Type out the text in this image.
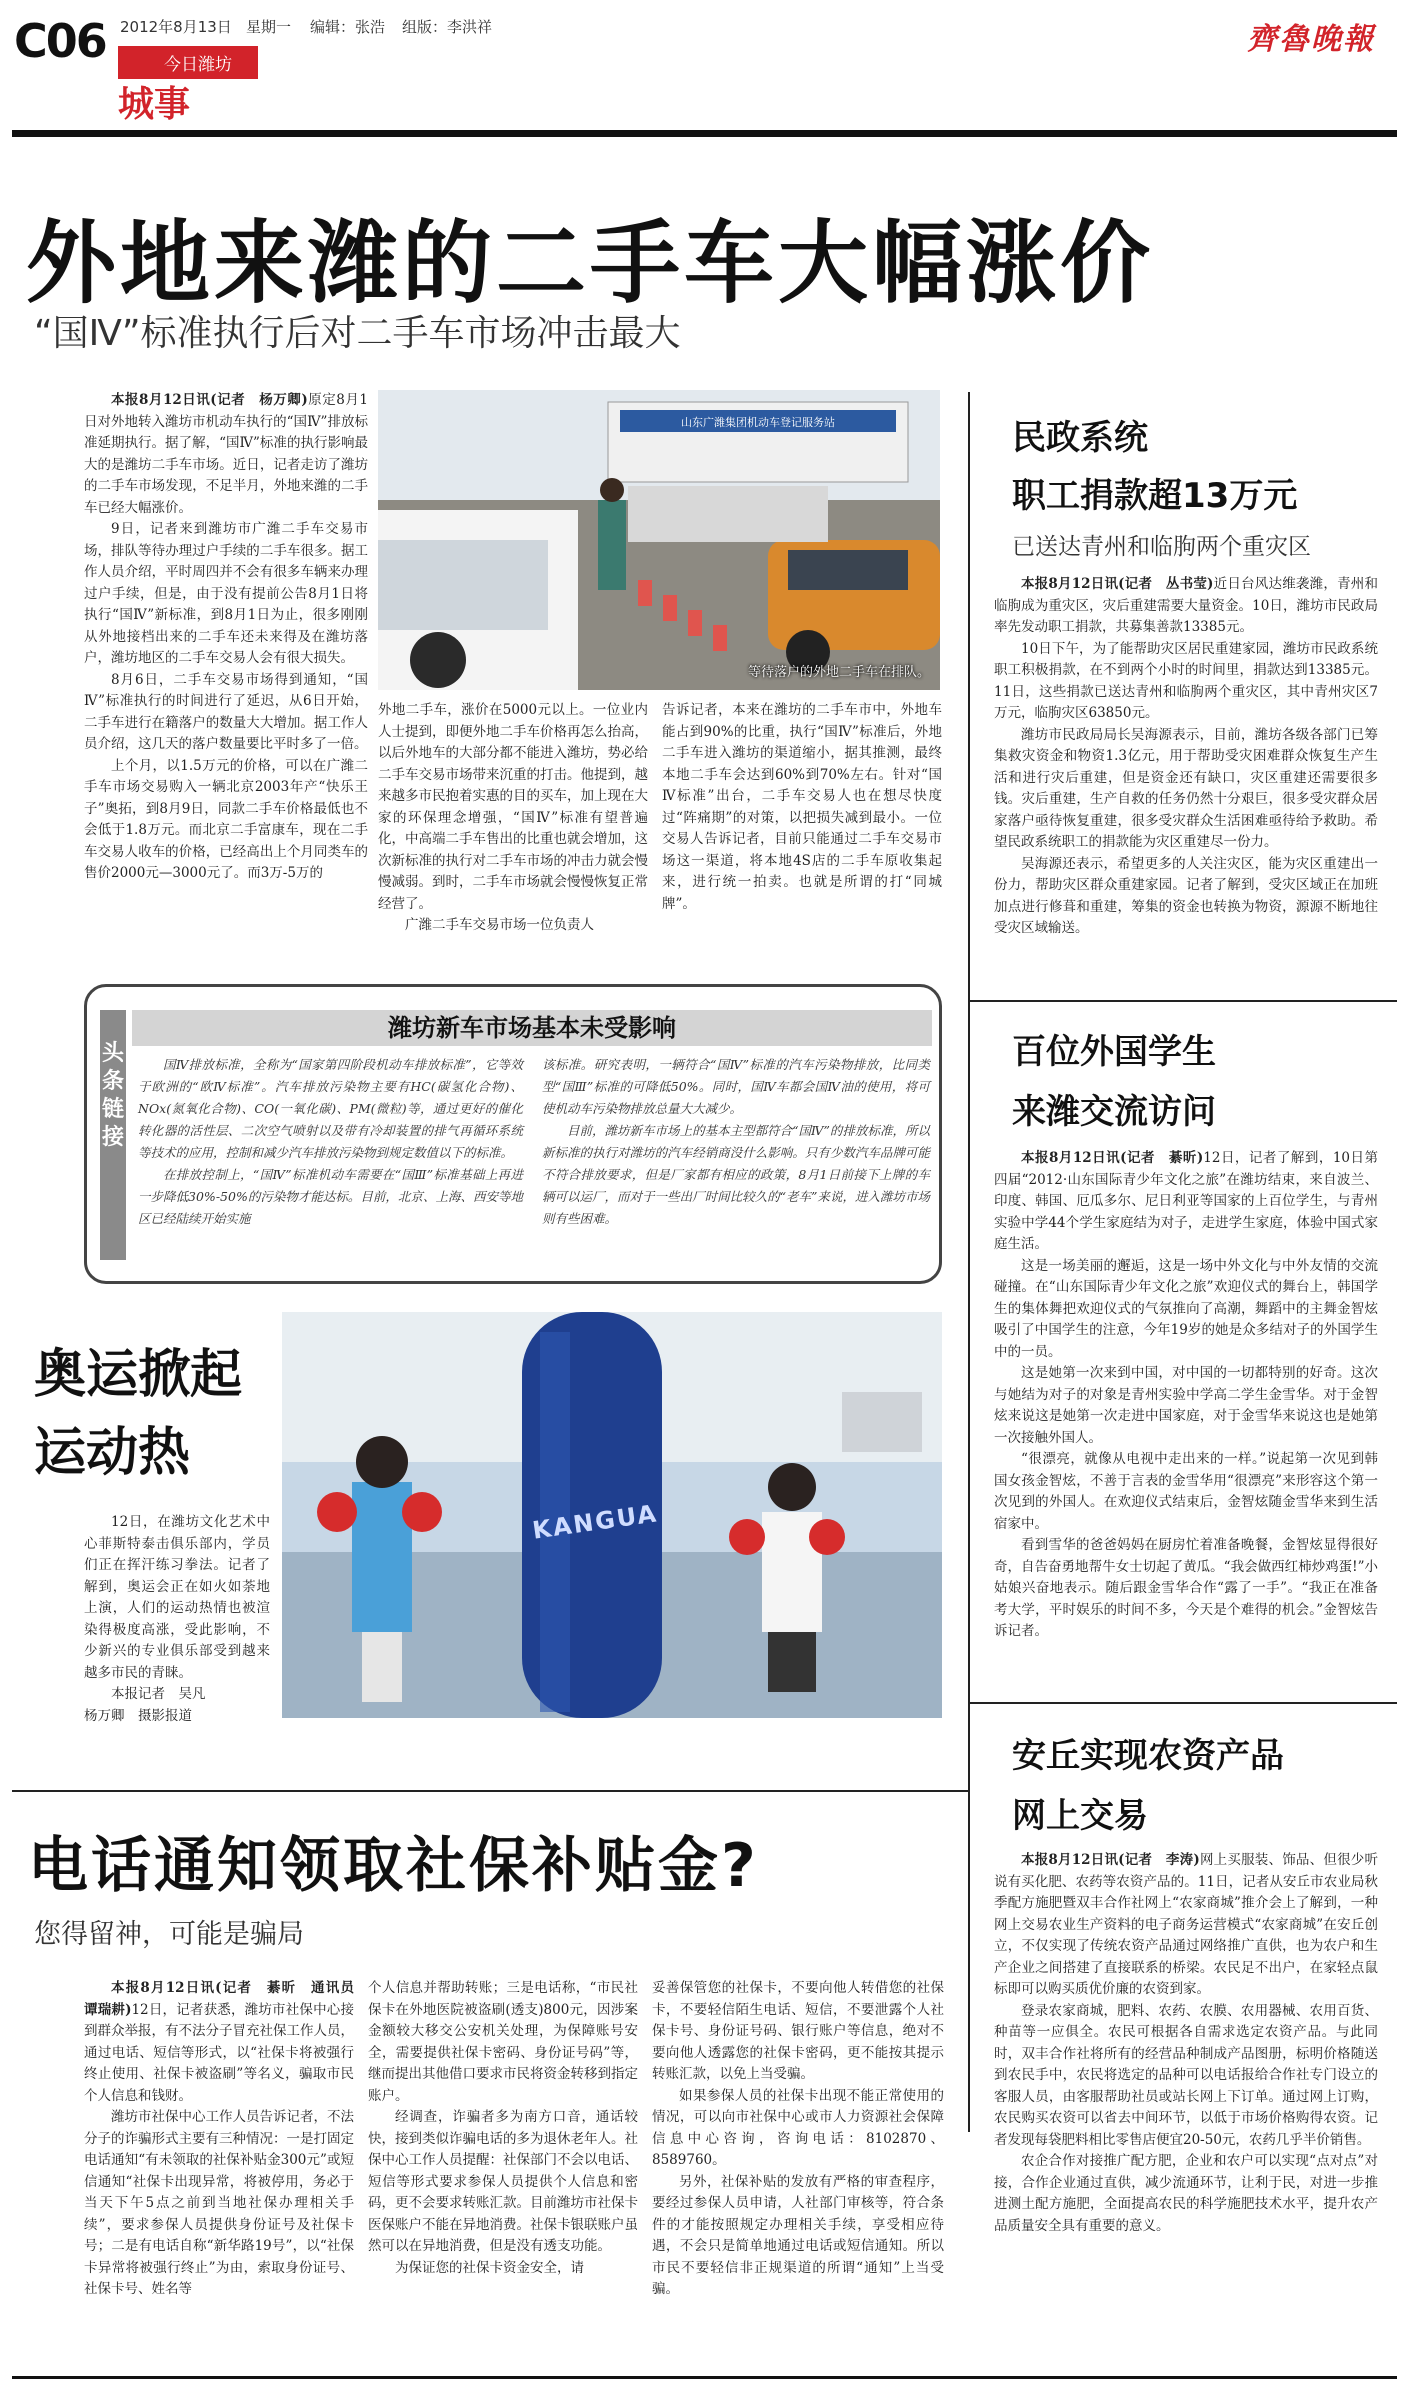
C06 2012年8月13日 星期一 编辑：张浩 组版：李洪祥
今日潍坊
城事
齊魯晚報
外地来潍的二手车大幅涨价
“国Ⅳ”标准执行后对二手车市场冲击最大

本报8月12日讯(记者　杨万卿)原定8月1日对外地转入潍坊市机动车执行的“国Ⅳ”排放标准延期执行。据了解，“国Ⅳ”标准的执行影响最大的是潍坊二手车市场。近日，记者走访了潍坊的二手车市场发现，不足半月，外地来潍的二手车已经大幅涨价。

9日，记者来到潍坊市广潍二手车交易市场，排队等待办理过户手续的二手车很多。据工作人员介绍，平时周四并不会有很多车辆来办理过户手续，但是，由于没有提前公告8月1日将执行“国Ⅳ”新标准，到8月1日为止，很多刚刚从外地接档出来的二手车还未来得及在潍坊落户，潍坊地区的二手车交易人会有很大损失。

8月6日，二手车交易市场得到通知，“国Ⅳ”标准执行的时间进行了延迟，从6日开始，二手车进行在籍落户的数量大大增加。据工作人员介绍，这几天的落户数量要比平时多了一倍。

上个月，以1.5万元的价格，可以在广潍二手车市场交易购入一辆北京2003年产“快乐王子”奥拓，到8月9日，同款二手车价格最低也不会低于1.8万元。而北京二手富康车，现在二手车交易人收车的价格，已经高出上个月同类车的售价2000元—3000元了。而3万-5万的

山东广潍集团机动车登记服务站
等待落户的外地二手车在排队。

外地二手车，涨价在5000元以上。一位业内人士提到，即便外地二手车价格再怎么抬高，以后外地车的大部分都不能进入潍坊，势必给二手车交易市场带来沉重的打击。他提到，越来越多市民抱着实惠的目的买车，加上现在大家的环保理念增强，“国Ⅳ”标准有望普遍化，中高端二手车售出的比重也就会增加，这次新标准的执行对二手车市场的冲击力就会慢慢减弱。到时，二手车市场就会慢慢恢复正常经营了。

广潍二手车交易市场一位负责人

告诉记者，本来在潍坊的二手车市中，外地车能占到90%的比重，执行“国Ⅳ”标准后，外地二手车进入潍坊的渠道缩小，据其推测，最终本地二手车会达到60%到70%左右。针对“国Ⅳ标准”出台，二手车交易人也在想尽快度过“阵痛期”的对策，以把损失减到最小。一位交易人告诉记者，目前只能通过二手车交易市场这一渠道，将本地4S店的二手车原收集起来，进行统一拍卖。也就是所谓的打“同城牌”。

头条链接
潍坊新车市场基本未受影响

国Ⅳ排放标准，全称为“国家第四阶段机动车排放标准”，它等效于欧洲的“欧Ⅳ标准”。汽车排放污染物主要有HC(碳氢化合物)、NOx(氮氧化合物)、CO(一氧化碳)、PM(微粒)等，通过更好的催化转化器的活性层、二次空气喷射以及带有冷却装置的排气再循环系统等技术的应用，控制和减少汽车排放污染物到规定数值以下的标准。

在排放控制上，“国Ⅳ”标准机动车需要在“国Ⅲ”标准基础上再进一步降低30%-50%的污染物才能达标。目前，北京、上海、西安等地区已经陆续开始实施

该标准。研究表明，一辆符合“国Ⅳ”标准的汽车污染物排放，比同类型“国Ⅲ”标准的可降低50%。同时，国Ⅳ车都会国Ⅳ油的使用，将可使机动车污染物排放总量大大减少。

目前，潍坊新车市场上的基本主型都符合“国Ⅳ”的排放标准，所以新标准的执行对潍坊的汽车经销商没什么影响。只有少数汽车品牌可能不符合排放要求，但是厂家都有相应的政策，8月1日前接下上牌的车辆可以运厂，而对于一些出厂时间比较久的“老车”来说，进入潍坊市场则有些困难。

奥运掀起
运动热

12日，在潍坊文化艺术中心菲斯特泰击俱乐部内，学员们正在挥汗练习拳法。记者了解到，奥运会正在如火如荼地上演，人们的运动热情也被渲染得极度高涨，受此影响，不少新兴的专业俱乐部受到越来越多市民的青睐。

本报记者　吴凡

杨万卿　摄影报道

KANGUA
电话通知领取社保补贴金?
您得留神，可能是骗局

本报8月12日讯(记者　綦昕　通讯员　谭瑞耕)12日，记者获悉，潍坊市社保中心接到群众举报，有不法分子冒充社保工作人员，通过电话、短信等形式，以“社保卡将被强行终止使用、社保卡被盗刷”等名义，骗取市民个人信息和钱财。

潍坊市社保中心工作人员告诉记者，不法分子的诈骗形式主要有三种情况：一是打固定电话通知“有未领取的社保补贴金300元”或短信通知“社保卡出现异常，将被停用，务必于当天下午5点之前到当地社保办理相关手续”，要求参保人员提供身份证号及社保卡号；二是有电话自称“新华路19号”，以“社保卡异常将被强行终止”为由，索取身份证号、社保卡号、姓名等

个人信息并帮助转账；三是电话称，“市民社保卡在外地医院被盗刷(透支)800元，因涉案金额较大移交公安机关处理，为保障账号安全，需要提供社保卡密码、身份证号码”等，继而提出其他借口要求市民将资金转移到指定账户。

经调查，诈骗者多为南方口音，通话较快，接到类似诈骗电话的多为退休老年人。社保中心工作人员提醒：社保部门不会以电话、短信等形式要求参保人员提供个人信息和密码，更不会要求转账汇款。目前潍坊市社保卡医保账户不能在异地消费。社保卡银联账户虽然可以在异地消费，但是没有透支功能。

为保证您的社保卡资金安全，请

妥善保管您的社保卡，不要向他人转借您的社保卡，不要轻信陌生电话、短信，不要泄露个人社保卡号、身份证号码、银行账户等信息，绝对不要向他人透露您的社保卡密码，更不能按其提示转账汇款，以免上当受骗。

如果参保人员的社保卡出现不能正常使用的情况，可以向市社保中心或市人力资源社会保障信息中心咨询，咨询电话：8102870、8589760。

另外，社保补贴的发放有严格的审查程序，要经过参保人员申请，人社部门审核等，符合条件的才能按照规定办理相关手续，享受相应待遇，不会只是简单地通过电话或短信通知。所以市民不要轻信非正规渠道的所谓“通知”上当受骗。

民政系统
职工捐款超13万元
已送达青州和临朐两个重灾区

本报8月12日讯(记者　丛书莹)近日台风达维袭潍，青州和临朐成为重灾区，灾后重建需要大量资金。10日，潍坊市民政局率先发动职工捐款，共募集善款13385元。

10日下午，为了能帮助灾区居民重建家园，潍坊市民政系统职工积极捐款，在不到两个小时的时间里，捐款达到13385元。11日，这些捐款已送达青州和临朐两个重灾区，其中青州灾区7万元，临朐灾区63850元。

潍坊市民政局局长吴海源表示，目前，潍坊各级各部门已筹集救灾资金和物资1.3亿元，用于帮助受灾困难群众恢复生产生活和进行灾后重建，但是资金还有缺口，灾区重建还需要很多钱。灾后重建，生产自救的任务仍然十分艰巨，很多受灾群众居家落户亟待恢复重建，很多受灾群众生活困难亟待给予救助。希望民政系统职工的捐款能为灾区重建尽一份力。

吴海源还表示，希望更多的人关注灾区，能为灾区重建出一份力，帮助灾区群众重建家园。记者了解到，受灾区域正在加班加点进行修葺和重建，筹集的资金也转换为物资，源源不断地往受灾区域输送。

百位外国学生
来潍交流访问

本报8月12日讯(记者　綦昕)12日，记者了解到，10日第四届“2012·山东国际青少年文化之旅”在潍坊结束，来自波兰、印度、韩国、厄瓜多尔、尼日利亚等国家的上百位学生，与青州实验中学44个学生家庭结为对子，走进学生家庭，体验中国式家庭生活。

这是一场美丽的邂逅，这是一场中外文化与中外友情的交流碰撞。在“山东国际青少年文化之旅”欢迎仪式的舞台上，韩国学生的集体舞把欢迎仪式的气氛推向了高潮，舞蹈中的主舞金智炫吸引了中国学生的注意，今年19岁的她是众多结对子的外国学生中的一员。

这是她第一次来到中国，对中国的一切都特别的好奇。这次与她结为对子的对象是青州实验中学高二学生金雪华。对于金智炫来说这是她第一次走进中国家庭，对于金雪华来说这也是她第一次接触外国人。

“很漂亮，就像从电视中走出来的一样。”说起第一次见到韩国女孩金智炫，不善于言表的金雪华用“很漂亮”来形容这个第一次见到的外国人。在欢迎仪式结束后，金智炫随金雪华来到生活宿家中。

看到雪华的爸爸妈妈在厨房忙着准备晚餐，金智炫显得很好奇，自告奋勇地帮牛女士切起了黄瓜。“我会做西红柿炒鸡蛋!”小姑娘兴奋地表示。随后跟金雪华合作“露了一手”。“我正在准备考大学，平时娱乐的时间不多，今天是个难得的机会。”金智炫告诉记者。

安丘实现农资产品
网上交易

本报8月12日讯(记者　李涛)网上买服装、饰品、但很少听说有买化肥、农药等农资产品的。11日，记者从安丘市农业局秋季配方施肥暨双丰合作社网上“农家商城”推介会上了解到，一种网上交易农业生产资料的电子商务运营模式“农家商城”在安丘创立，不仅实现了传统农资产品通过网络推广直供，也为农户和生产企业之间搭建了直接联系的桥梁。农民足不出户，在家轻点鼠标即可以购买质优价廉的农资到家。

登录农家商城，肥料、农药、农膜、农用器械、农用百货、种苗等一应俱全。农民可根据各自需求选定农资产品。与此同时，双丰合作社将所有的经营品种制成产品图册，标明价格随送到农民手中，农民将选定的品种可以电话报给合作社专门设立的客服人员，由客服帮助社员或站长网上下订单。通过网上订购，农民购买农资可以省去中间环节，以低于市场价格购得农资。记者发现每袋肥料相比零售店便宜20-50元，农药几乎半价销售。

农企合作对接推广配方肥，企业和农户可以实现“点对点”对接，合作企业通过直供，减少流通环节，让利于民，对进一步推进测土配方施肥，全面提高农民的科学施肥技术水平，提升农产品质量安全具有重要的意义。
